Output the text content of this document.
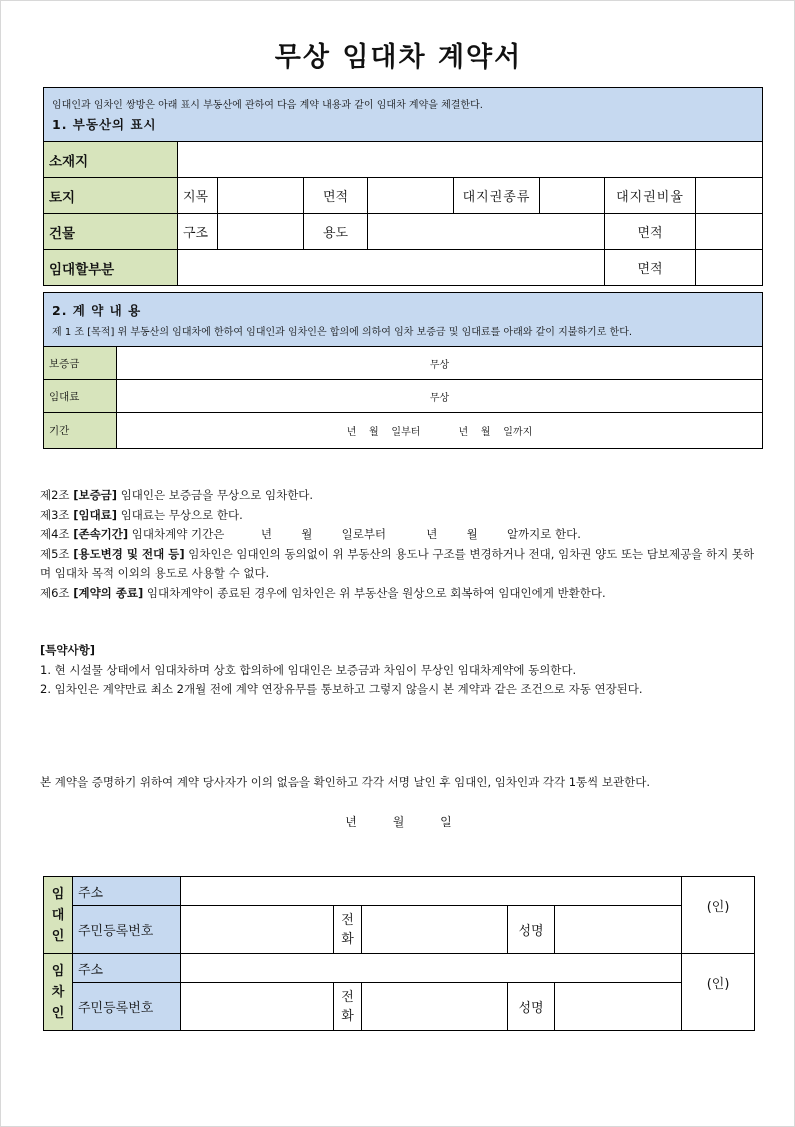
무상 임대차 계약서
임대인과 임차인 쌍방은 아래 표시 부동산에 관하여 다음 계약 내용과 같이 임대차 계약을 체결한다.
1. 부동산의 표시								

소재지								
토지	지목		면적		대지권종류		대지권비율	
건물	구조		용도				면적	
임대할부분							면적	
2. 계 약 내 용
제 1 조 [목적] 위 부동산의 임대차에 한하여 임대인과 임차인은 합의에 의하여 임차 보증금 및 임대료를 아래와 같이 지불하기로 한다.	

보증금	무상
임대료	무상
기간	년    월    일부터            년    월    일까지
제2조 [보증금] 임대인은 보증금을 무상으로 임차한다.
제3조 [임대료] 임대료는 무상으로 한다.
제4조 [존속기간] 임대차계약 기간은          년        월        일로부터           년        월        알까지로 한다.
제5조 [용도변경 및 전대 등] 임차인은 임대인의 동의없이 위 부동산의 용도나 구조를 변경하거나 전대, 임차권 양도 또는 담보제공을 하지 못하며 임대차 목적 이외의 용도로 사용할 수 없다.
제6조 [계약의 종료] 임대차계약이 종료된 경우에 임차인은 위 부동산을 원상으로 회복하여 임대인에게 반환한다.
[특약사항]
1. 현 시설물 상태에서 임대차하며 상호 합의하에 임대인은 보증금과 차임이 무상인 임대차계약에 동의한다.
2. 임차인은 계약만료 최소 2개월 전에 계약 연장유무를 통보하고 그렇지 않을시 본 계약과 같은 조건으로 자동 연장된다.
본 계약을 증명하기 위하여 계약 당사자가 이의 없음을 확인하고 각각 서명 날인 후 임대인, 임차인과 각각 1통씩 보관한다.
년	월	일
임대인	주소						(인)
	주민등록번호		전화		성명		
임차인	주소						(인)
	주민등록번호		전화		성명		
